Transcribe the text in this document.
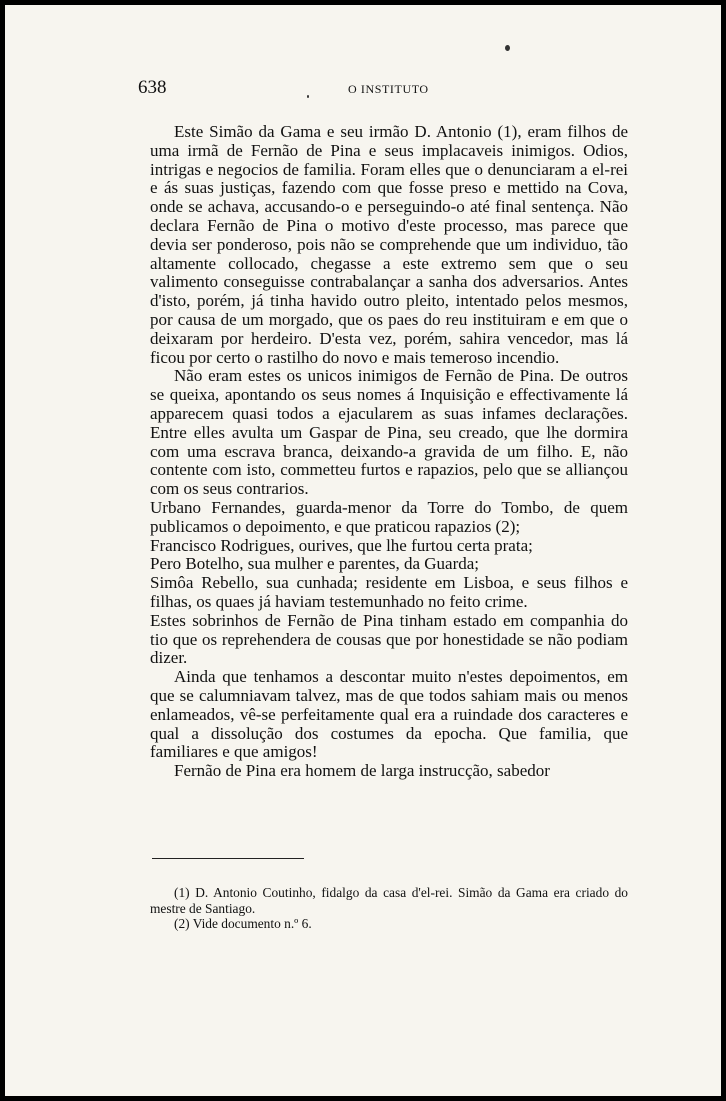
638	O INSTITUTO

Este Simão da Gama e seu irmão D. Antonio (1), eram filhos de uma irmã de Fernão de Pina e seus implacaveis inimigos. Odios, intrigas e negocios de familia. Foram elles que o denunciaram a el-rei e ás suas justiças, fazendo com que fosse preso e mettido na Cova, onde se achava, accusando-o e perseguindo-o até final sentença. Não declara Fernão de Pina o motivo d'este processo, mas parece que devia ser ponderoso, pois não se comprehende que um individuo, tão altamente collocado, chegasse a este extremo sem que o seu valimento conseguisse contrabalançar a sanha dos adversarios. Antes d'isto, porém, já tinha havido outro pleito, intentado pelos mesmos, por causa de um morgado, que os paes do reu instituiram e em que o deixaram por herdeiro. D'esta vez, porém, sahira vencedor, mas lá ficou por certo o rastilho do novo e mais temeroso incendio.

Não eram estes os unicos inimigos de Fernão de Pina. De outros se queixa, apontando os seus nomes á Inquisição e effectivamente lá apparecem quasi todos a ejacularem as suas infames declarações. Entre elles avulta um Gaspar de Pina, seu creado, que lhe dormira com uma escrava branca, deixando-a gravida de um filho. E, não contente com isto, commetteu furtos e rapazios, pelo que se alliançou com os seus contrarios.

Urbano Fernandes, guarda-menor da Torre do Tombo, de quem publicamos o depoimento, e que praticou rapazios (2);

Francisco Rodrigues, ourives, que lhe furtou certa prata;

Pero Botelho, sua mulher e parentes, da Guarda;

Simôa Rebello, sua cunhada; residente em Lisboa, e seus filhos e filhas, os quaes já haviam testemunhado no feito crime.

Estes sobrinhos de Fernão de Pina tinham estado em companhia do tio que os reprehendera de cousas que por honestidade se não podiam dizer.

Ainda que tenhamos a descontar muito n'estes depoimentos, em que se calumniavam talvez, mas de que todos sahiam mais ou menos enlameados, vê-se perfeitamente qual era a ruindade dos caracteres e qual a dissolução dos costumes da epocha. Que familia, que familiares e que amigos!

Fernão de Pina era homem de larga instrucção, sabedor

(1) D. Antonio Coutinho, fidalgo da casa d'el-rei. Simão da Gama era criado do mestre de Santiago.

(2) Vide documento n.º 6.
